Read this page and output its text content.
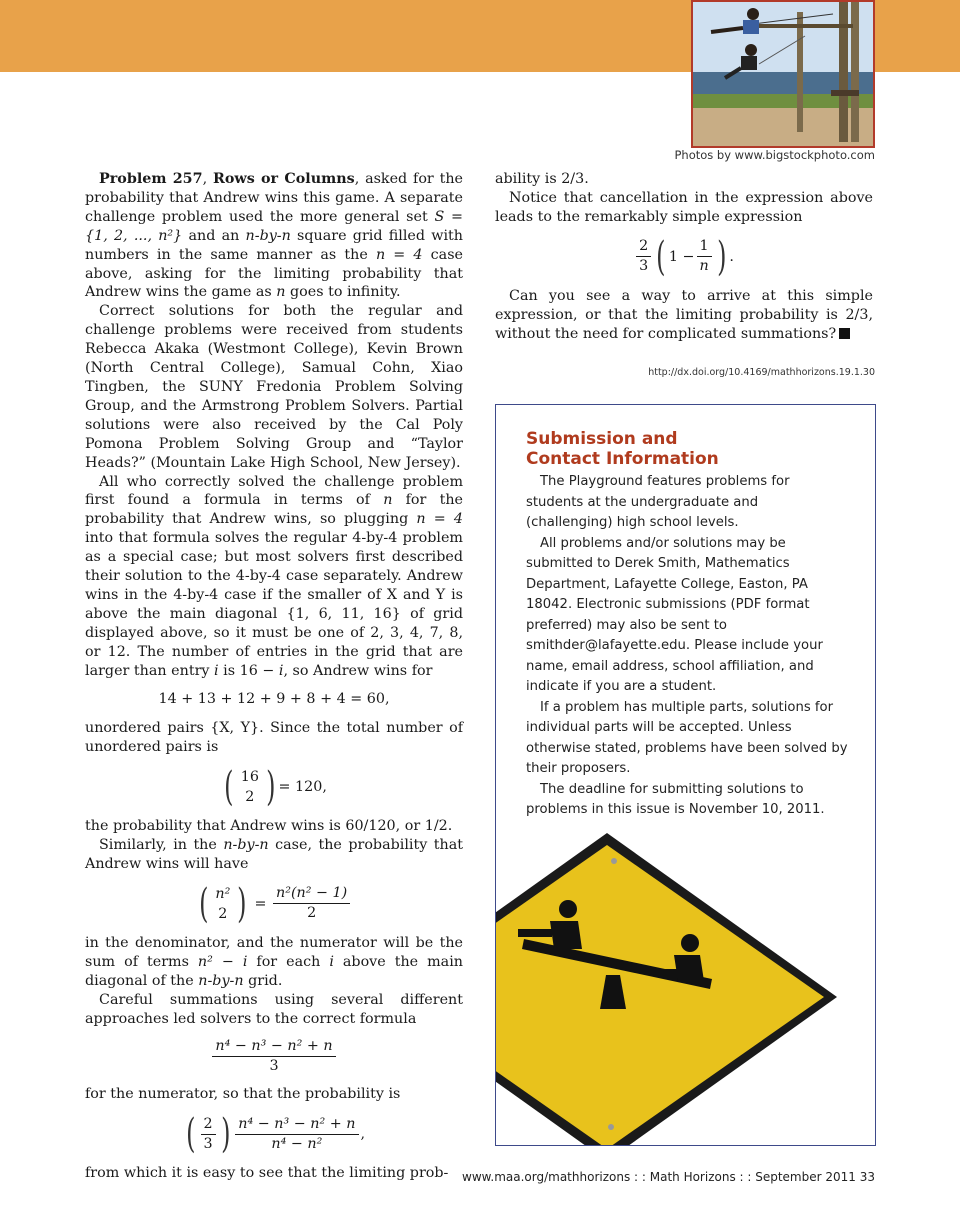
Photos by www.bigstockphoto.com

Problem 257, Rows or Columns, asked for the probability that Andrew wins this game. A separate challenge problem used the more general set S = {1, 2, ..., n²} and an n-by-n square grid filled with numbers in the same manner as the n = 4 case above, asking for the limiting probability that Andrew wins the game as n goes to infinity.

Correct solutions for both the regular and challenge problems were received from students Rebecca Akaka (Westmont College), Kevin Brown (North Central College), Samual Cohn, Xiao Tingben, the SUNY Fredonia Problem Solving Group, and the Armstrong Problem Solvers. Partial solutions were also received by the Cal Poly Pomona Problem Solving Group and “Taylor Heads?” (Mountain Lake High School, New Jersey).

All who correctly solved the challenge problem first found a formula in terms of n for the probability that Andrew wins, so plugging n = 4 into that formula solves the regular 4-by-4 problem as a special case; but most solvers first described their solution to the 4-by-4 case separately. Andrew wins in the 4-by-4 case if the smaller of X and Y is above the main diagonal {1, 6, 11, 16} of grid displayed above, so it must be one of 2, 3, 4, 7, 8, or 12. The number of entries in the grid that are larger than entry i is 16 − i, so Andrew wins for

14 + 13 + 12 + 9 + 8 + 4 = 60,

unordered pairs {X, Y}. Since the total number of unordered pairs is

( 16
2 ) = 120,

the probability that Andrew wins is 60/120, or 1/2.

Similarly, in the n-by-n case, the probability that Andrew wins will have

( n²
2 ) = $\frac{\text{n²(n² − 1)}}{2}$

in the denominator, and the numerator will be the sum of terms n² − i for each i above the main diagonal of the n-by-n grid.

Careful summations using several different approaches led solvers to the correct formula

$\frac{\text{n⁴ − n³ − n² + n}}{3}$

for the numerator, so that the probability is

( $\frac{2}{3}$ ) $\frac{\text{n⁴ − n³ − n² + n}}{\text{n⁴ − n²}}$ ,

from which it is easy to see that the limiting prob-

ability is 2/3.

Notice that cancellation in the expression above leads to the remarkably simple expression

$\frac{2}{3}$ ( $1 - \frac{1}{n}$ ) .

Can you see a way to arrive at this simple expression, or that the limiting probability is 2/3, without the need for complicated summations?

http://dx.doi.org/10.4169/mathhorizons.19.1.30
Submission and
Contact Information

The Playground features problems for students at the undergraduate and (challenging) high school levels.

All problems and/or solutions may be submitted to Derek Smith, Mathematics Department, Lafayette College, Easton, PA 18042. Electronic submissions (PDF format preferred) may also be sent to smithder@lafayette.edu. Please include your name, email address, school affiliation, and indicate if you are a student.

If a problem has multiple parts, solutions for individual parts will be accepted. Unless otherwise stated, problems have been solved by their proposers.

The deadline for submitting solutions to problems in this issue is November 10, 2011.

www.maa.org/mathhorizons : : Math Horizons : : September 2011 33
